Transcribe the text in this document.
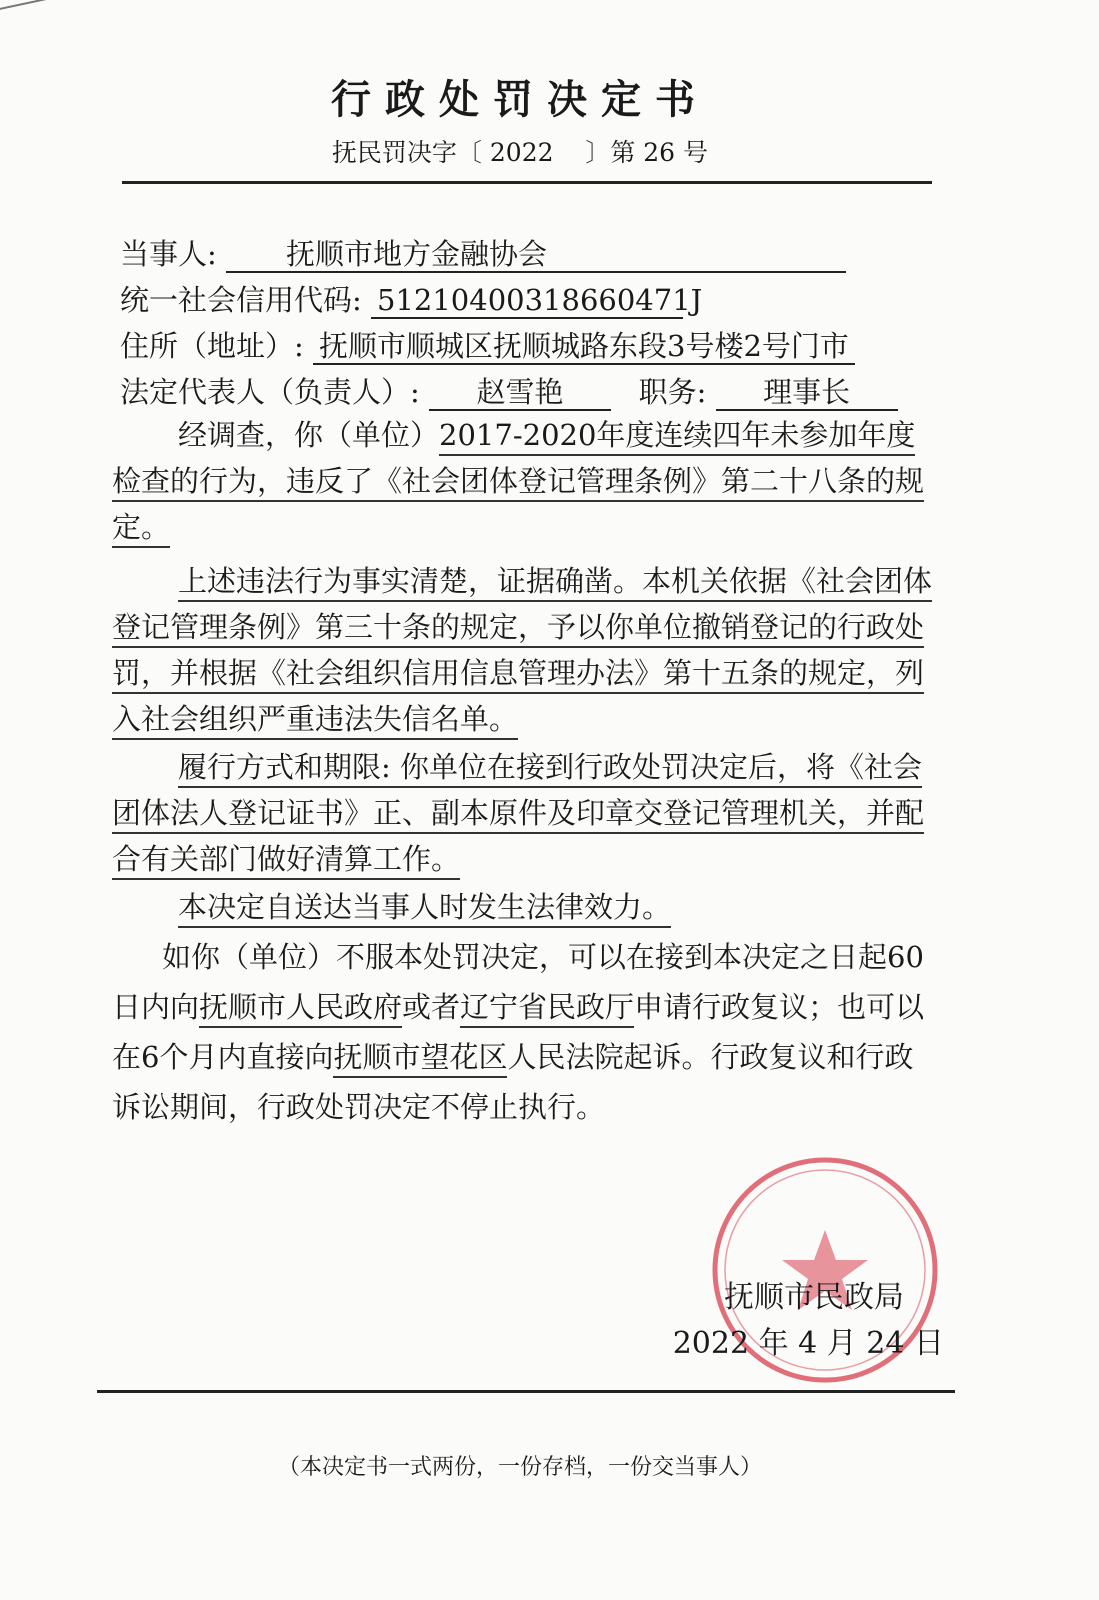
行政处罚决定书
抚民罚决字〔 2022 〕第 26 号
当事人: 抚顺市地方金融协会
统一社会信用代码: 51210400318660471J
住所（地址）: 抚顺市顺城区抚顺城路东段3号楼2号门市
法定代表人（负责人）: 赵雪艳	职务: 理事长
经调查，你（单位）2017-2020年度连续四年未参加年度检查的行为，违反了《社会团体登记管理条例》第二十八条的规定。
上述违法行为事实清楚，证据确凿。本机关依据《社会团体登记管理条例》第三十条的规定，予以你单位撤销登记的行政处罚，并根据《社会组织信用信息管理办法》第十五条的规定，列入社会组织严重违法失信名单。
履行方式和期限: 你单位在接到行政处罚决定后，将《社会团体法人登记证书》正、副本原件及印章交登记管理机关，并配合有关部门做好清算工作。
本决定自送达当事人时发生法律效力。
如你（单位）不服本处罚决定，可以在接到本决定之日起60日内向抚顺市人民政府或者辽宁省民政厅申请行政复议；也可以在6个月内直接向抚顺市望花区人民法院起诉。行政复议和行政诉讼期间，行政处罚决定不停止执行。
抚顺市民政局
2022 年 4 月 24 日
（本决定书一式两份，一份存档，一份交当事人）
